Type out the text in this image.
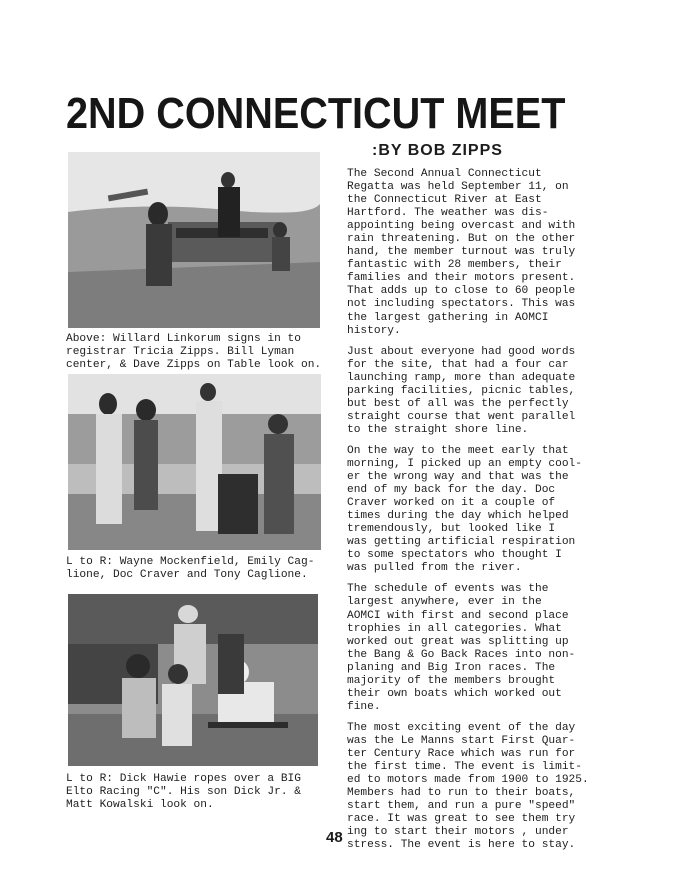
2ND CONNECTICUT MEET
:BY BOB ZIPPS
Above: Willard Linkorum signs in to
registrar Tricia Zipps. Bill Lyman
center, & Dave Zipps on Table look on.
L to R: Wayne Mockenfield, Emily Cag-
lione, Doc Craver and Tony Caglione.
L to R: Dick Hawie ropes over a BIG
Elto Racing "C". His son Dick Jr. &
Matt Kowalski look on.

The Second Annual Connecticut
Regatta was held September 11, on
the Connecticut River at East
Hartford. The weather was dis-
appointing being overcast and with
rain threatening. But on the other
hand, the member turnout was truly
fantastic with 28 members, their
families and their motors present.
That adds up to close to 60 people
not including spectators. This was
the largest gathering in AOMCI
history.

Just about everyone had good words
for the site, that had a four car
launching ramp, more than adequate
parking facilities, picnic tables,
but best of all was the perfectly
straight course that went parallel
to the straight shore line.

On the way to the meet early that
morning, I picked up an empty cool-
er the wrong way and that was the
end of my back for the day. Doc
Craver worked on it a couple of
times during the day which helped
tremendously, but looked like I
was getting artificial respiration
to some spectators who thought I
was pulled from the river.

The schedule of events was the
largest anywhere, ever in the
AOMCI with first and second place
trophies in all categories. What
worked out great was splitting up
the Bang & Go Back Races into non-
planing and Big Iron races. The
majority of the members brought
their own boats which worked out
fine.

The most exciting event of the day
was the Le Manns start First Quar-
ter Century Race which was run for
the first time. The event is limit-
ed to motors made from 1900 to 1925.
Members had to run to their boats,
start them, and run a pure "speed"
race. It was great to see them try
ing to start their motors , under
stress. The event is here to stay.

48
